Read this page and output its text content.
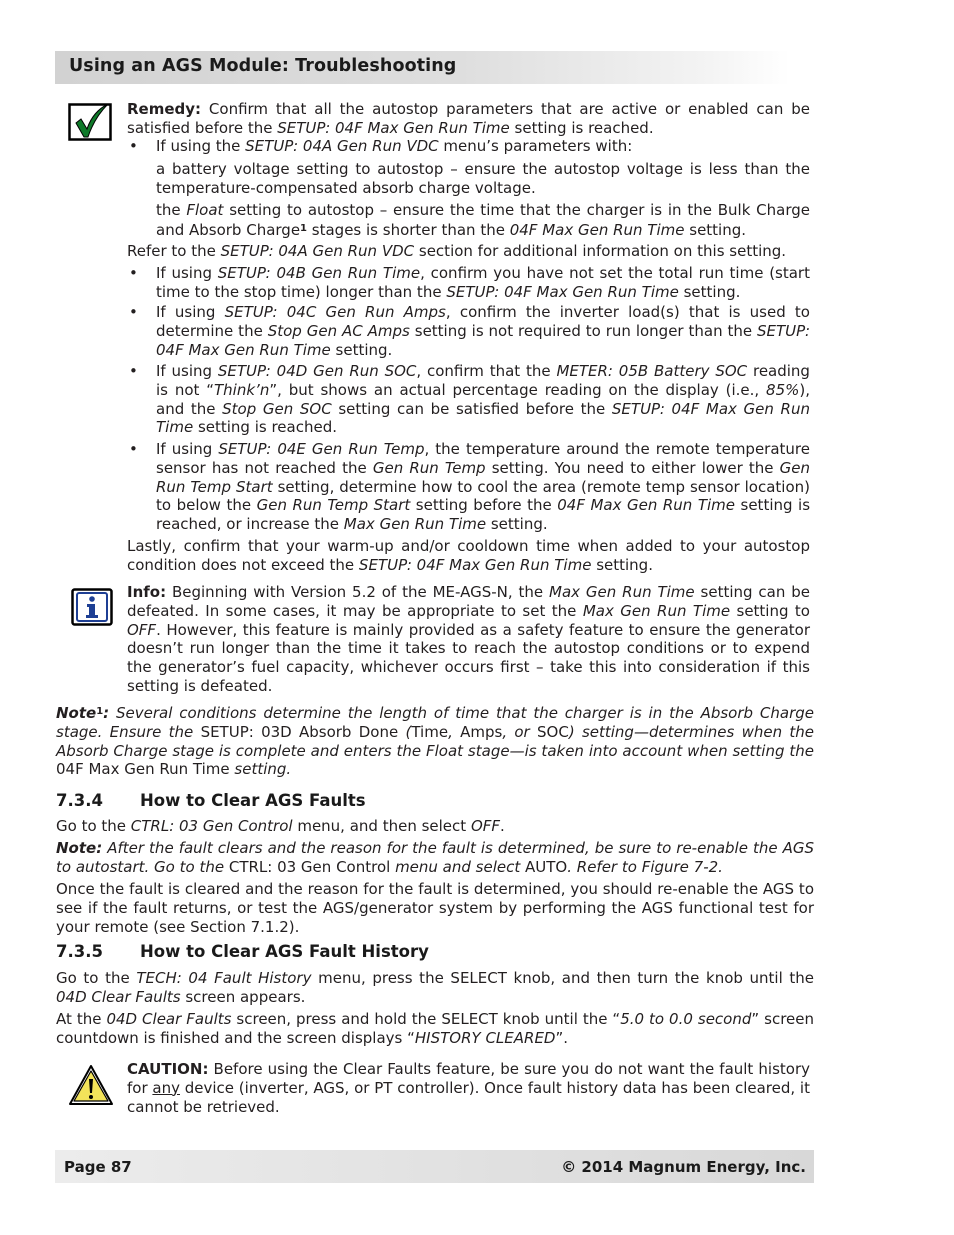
Using an AGS Module: Troubleshooting

Remedy: Confirm that all the autostop parameters that are active or enabled can be satisfied before the SETUP: 04F Max Gen Run Time setting is reached.

• If using the SETUP: 04A Gen Run VDC menu’s parameters with:

a battery voltage setting to autostop – ensure the autostop voltage is less than the temperature-compensated absorb charge voltage.

the Float setting to autostop – ensure the time that the charger is in the Bulk Charge and Absorb Charge$^1$ stages is shorter than the 04F Max Gen Run Time setting.

Refer to the SETUP: 04A Gen Run VDC section for additional information on this setting.

• If using SETUP: 04B Gen Run Time, confirm you have not set the total run time (start time to the stop time) longer than the SETUP: 04F Max Gen Run Time setting.

• If using SETUP: 04C Gen Run Amps, confirm the inverter load(s) that is used to determine the Stop Gen AC Amps setting is not required to run longer than the SETUP: 04F Max Gen Run Time setting.

• If using SETUP: 04D Gen Run SOC, confirm that the METER: 05B Battery SOC reading is not “Think’n”, but shows an actual percentage reading on the display (i.e., 85%), and the Stop Gen SOC setting can be satisfied before the SETUP: 04F Max Gen Run Time setting is reached.

• If using SETUP: 04E Gen Run Temp, the temperature around the remote temperature sensor has not reached the Gen Run Temp setting. You need to either lower the Gen Run Temp Start setting, determine how to cool the area (remote temp sensor location) to below the Gen Run Temp Start setting before the 04F Max Gen Run Time setting is reached, or increase the Max Gen Run Time setting.

Lastly, confirm that your warm-up and/or cooldown time when added to your autostop condition does not exceed the SETUP: 04F Max Gen Run Time setting.

Info: Beginning with Version 5.2 of the ME-AGS-N, the Max Gen Run Time setting can be defeated. In some cases, it may be appropriate to set the Max Gen Run Time setting to OFF. However, this feature is mainly provided as a safety feature to ensure the generator doesn’t run longer than the time it takes to reach the autostop conditions or to expend the generator’s fuel capacity, whichever occurs first – take this into consideration if this setting is defeated.

Note$^1$: Several conditions determine the length of time that the charger is in the Absorb Charge stage. Ensure the SETUP: 03D Absorb Done (Time, Amps, or SOC) setting—determines when the Absorb Charge stage is complete and enters the Float stage—is taken into account when setting the 04F Max Gen Run Time setting.

7.3.4 How to Clear AGS Faults

Go to the CTRL: 03 Gen Control menu, and then select OFF.

Note: After the fault clears and the reason for the fault is determined, be sure to re-enable the AGS to autostart. Go to the CTRL: 03 Gen Control menu and select AUTO. Refer to Figure 7-2.

Once the fault is cleared and the reason for the fault is determined, you should re-enable the AGS to see if the fault returns, or test the AGS/generator system by performing the AGS functional test for your remote (see Section 7.1.2).

7.3.5 How to Clear AGS Fault History

Go to the TECH: 04 Fault History menu, press the SELECT knob, and then turn the knob until the 04D Clear Faults screen appears.

At the 04D Clear Faults screen, press and hold the SELECT knob until the “5.0 to 0.0 second” screen countdown is finished and the screen displays “HISTORY CLEARED”.

CAUTION: Before using the Clear Faults feature, be sure you do not want the fault history for any device (inverter, AGS, or PT controller). Once fault history data has been cleared, it cannot be retrieved.

Page 87	© 2014 Magnum Energy, Inc.
